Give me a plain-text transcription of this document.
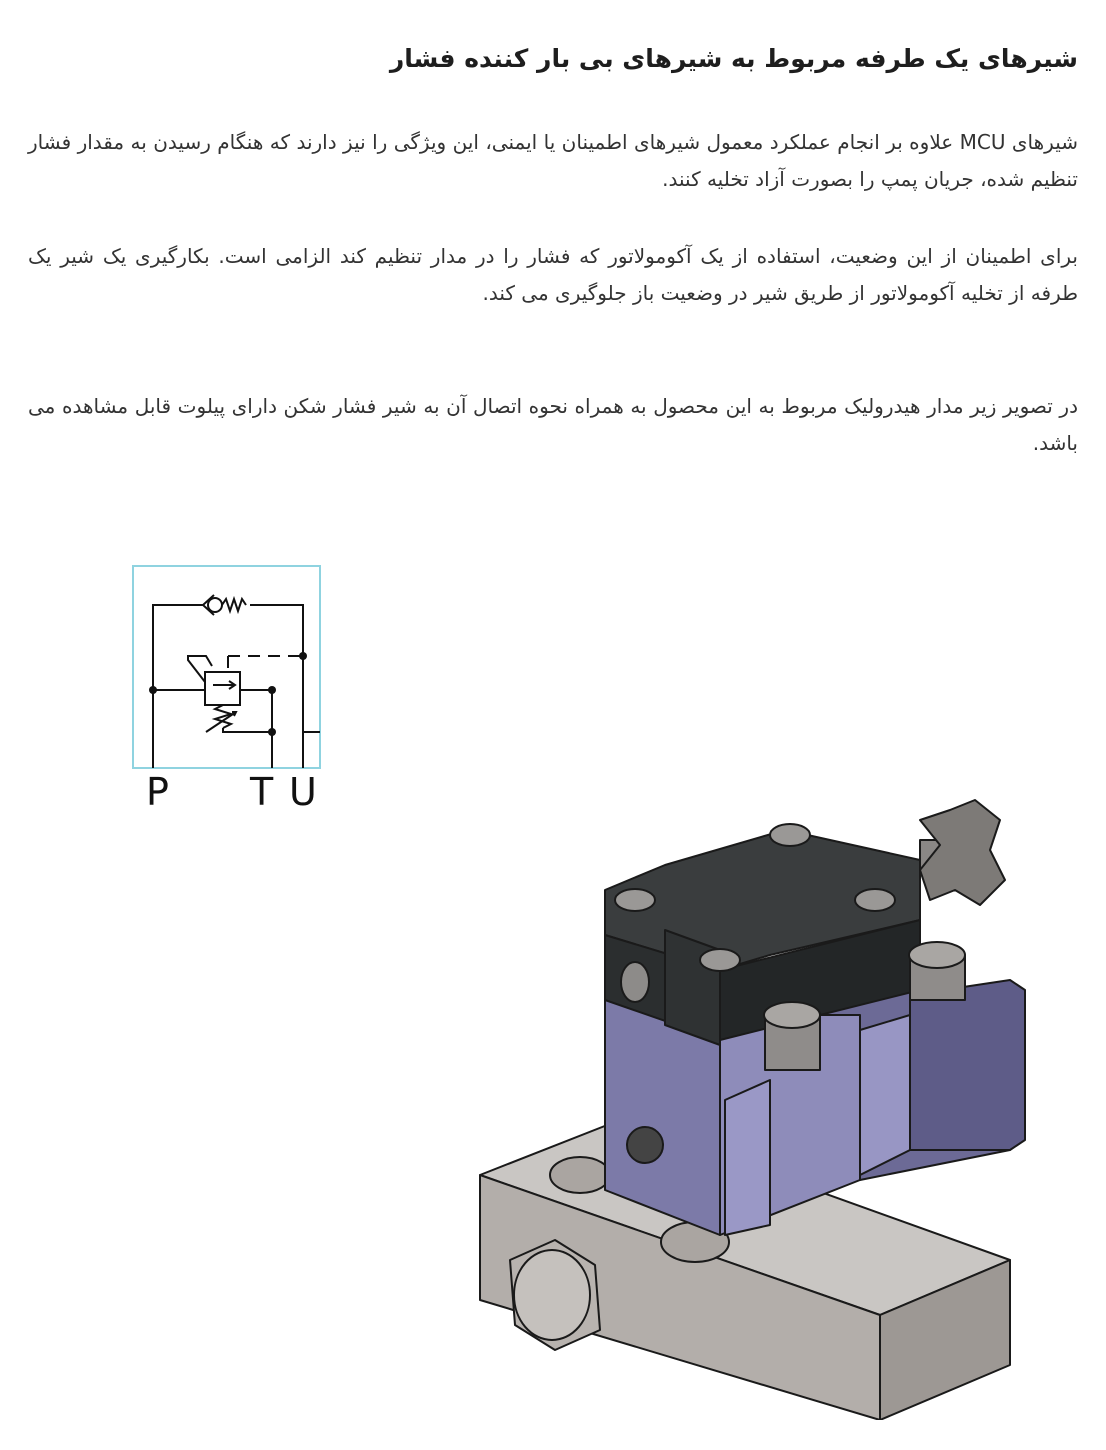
شیرهای یک طرفه مربوط به شیرهای بی بار کننده فشار

شیرهای MCU علاوه بر انجام عملکرد معمول شیرهای اطمینان یا ایمنی، این ویژگی را نیز دارند که هنگام رسیدن به مقدار فشار تنظیم شده، جریان پمپ را بصورت آزاد تخلیه کنند.

برای اطمینان از این وضعیت، استفاده از یک آکومولاتور که فشار را در مدار تنظیم کند الزامی است. بکارگیری یک شیر یک طرفه از تخلیه آکومولاتور از طریق شیر در وضعیت باز جلوگیری می کند.

در تصویر زیر مدار هیدرولیک مربوط به این محصول به همراه نحوه اتصال آن به شیر فشار شکن دارای پیلوت قابل مشاهده می باشد.

P T U
